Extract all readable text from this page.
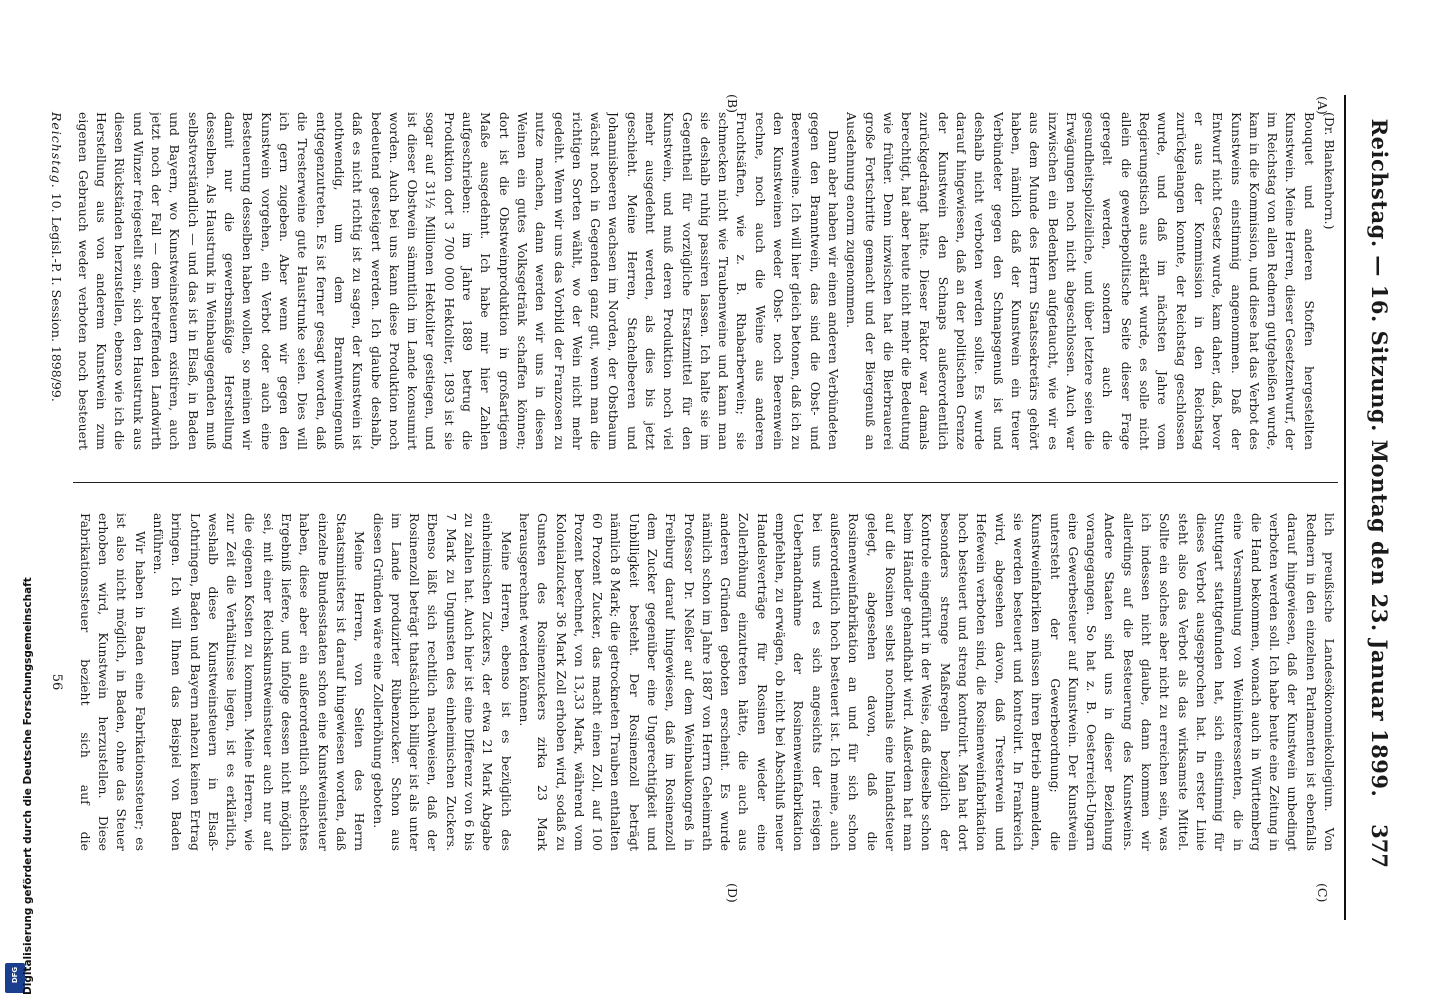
DFG Digitalisierung gefördert durch die Deutsche Forschungsgemeinschaft	Reichstag. — 16. Sitzung. Montag den 23. Januar 1899.
377
(A)
(B)
(C)
(D)
(Dr. Blankenhorn.)

Bouquet und anderen Stoffen hergestellten Kunstwein. Meine Herren, dieser Gesetzentwurf, der im Reichstag von allen Rednern gutgeheißen wurde, kam in die Kommission, und diese hat das Verbot des Kunstweins einstimmig angenommen. Daß der Entwurf nicht Gesetz wurde, kam daher, daß, bevor er aus der Kommission in den Reichstag zurückgelangen konnte, der Reichstag geschlossen wurde, und daß im nächsten Jahre vom Regierungstisch aus erklärt wurde, es solle nicht allein die gewerbepolitische Seite dieser Frage geregelt werden, sondern auch die gesundheitspolizeiliche, und über letztere seien die Erwägungen noch nicht abgeschlossen. Auch war inzwischen ein Bedenken aufgetaucht, wie wir es aus dem Munde des Herrn Staatssekretärs gehört haben, nämlich daß der Kunstwein ein treuer Verbündeter gegen den Schnapsgenuß ist und deshalb nicht verboten werden sollte. Es wurde darauf hingewiesen, daß an der politischen Grenze der Kunstwein den Schnaps außerordentlich zurückgedrängt hätte. Dieser Faktor war damals berechtigt, hat aber heute nicht mehr die Bedeutung wie früher. Denn inzwischen hat die Bierbrauerei große Fortschritte gemacht und der Biergenuß an Ausdehnung enorm zugenommen.

Dann aber haben wir einen anderen Verbündeten gegen den Branntwein, das sind die Obst- und Beerenweine. Ich will hier gleich betonen, daß ich zu den Kunstweinen weder Obst- noch Beerenwein rechne, noch auch die Weine aus anderen Fruchtsäften, wie z. B. Rhabarberwein; sie schmecken nicht wie Traubenweine und kann man sie deshalb ruhig passiren lassen. Ich halte sie im Gegentheil für vorzügliche Ersatzmittel für den Kunstwein, und muß deren Produktion noch viel mehr ausgedehnt werden, als dies bis jetzt geschieht. Meine Herren, Stachelbeeren und Johannisbeeren wachsen im Norden, der Obstbaum wächst noch in Gegenden ganz gut, wenn man die richtigen Sorten wählt, wo der Wein nicht mehr gedeiht. Wenn wir uns das Vorbild der Franzosen zu nutze machen, dann werden wir uns in diesen Weinen ein gutes Volksgetränk schaffen können; dort ist die Obstweinproduktion in großartigem Maße ausgedehnt. Ich habe mir hier Zahlen aufgeschrieben: im Jahre 1889 betrug die Produktion dort 3 700 000 Hektoliter, 1893 ist sie sogar auf 31½ Millionen Hektoliter gestiegen, und ist dieser Obstwein sämmtlich im Lande konsumirt worden. Auch bei uns kann diese Produktion noch bedeutend gesteigert werden. Ich glaube deshalb, daß es nicht richtig ist zu sagen, der Kunstwein ist nothwendig, um dem Branntweingenuß entgegenzutreten. Es ist ferner gesagt worden, daß die Tresterweine gute Haustrunke seien. Dies will ich gern zugeben. Aber wenn wir gegen den Kunstwein vorgehen, ein Verbot oder auch eine Besteuerung desselben haben wollen, so meinen wir damit nur die gewerbsmäßige Herstellung desselben. Als Haustrunk in Weinbaugegenden muß selbstverständlich — und das ist in Elsaß, in Baden und Bayern, wo Kunstweinsteuern existiren, auch jetzt noch der Fall — dem betreffenden Landwirth und Winzer freigestellt sein, sich den Haustrunk aus diesen Rückständen herzustellen, ebenso wie ich die Herstellung aus von anderem Kunstwein zum eigenen Gebrauch weder verboten noch besteuert

lich preußische Landesökonomiekollegium. Von Rednern in den einzelnen Parlamenten ist ebenfalls darauf hingewiesen, daß der Kunstwein unbedingt verboten werden soll. Ich habe heute eine Zeitung in die Hand bekommen, wonach auch in Württemberg eine Versammlung von Weininteressenten, die in Stuttgart stattgefunden hat, sich einstimmig für dieses Verbot ausgesprochen hat. In erster Linie steht also das Verbot als das wirksamste Mittel. Sollte ein solches aber nicht zu erreichen sein, was ich indessen nicht glaube, dann kommen wir allerdings auf die Besteuerung des Kunstweins. Andere Staaten sind uns in dieser Beziehung vorangegangen. So hat z. B. Oesterreich-Ungarn eine Gewerbesteuer auf Kunstwein. Der Kunstwein untersteht der Gewerbeordnung; die Kunstweinfabriken müssen ihren Betrieb anmelden, sie werden besteuert und kontrolirt. In Frankreich wird, abgesehen davon, daß Tresterwein und Hefewein verboten sind, die Rosinenweinfabrikation hoch besteuert und streng kontrolirt. Man hat dort besonders strenge Maßregeln bezüglich der Kontrole eingeführt in der Weise, daß dieselbe schon beim Händler gehandhabt wird. Außerdem hat man auf die Rosinen selbst nochmals eine Inlandsteuer gelegt, abgesehen davon, daß die Rosinenweinfabrikation an und für sich schon außerordentlich hoch besteuert ist. Ich meine, auch bei uns wird es sich angesichts der riesigen Ueberhandnahme der Rosinenweinfabrikation empfehlen, zu erwägen, ob nicht bei Abschluß neuer Handelsverträge für Rosinen wieder eine Zollerhöhung einzutreten hätte, die auch aus anderen Gründen geboten erscheint. Es wurde nämlich schon im Jahre 1887 von Herrn Geheimrath Professor Dr. Neßler auf dem Weinbaukongreß in Freiburg darauf hingewiesen, daß im Rosinenzoll dem Zucker gegenüber eine Ungerechtigkeit und Unbilligkeit besteht. Der Rosinenzoll beträgt nämlich 8 Mark; die getrockneten Trauben enthalten 60 Prozent Zucker, das macht einen Zoll, auf 100 Prozent berechnet, von 13,33 Mark, während vom Kolonialzucker 36 Mark Zoll erhoben wird, sodaß zu Gunsten des Rosinenzuckers zirka 23 Mark herausgerechnet werden können.

Meine Herren, ebenso ist es bezüglich des einheimischen Zuckers, der etwa 21 Mark Abgabe zu zahlen hat. Auch hier ist eine Differenz von 6 bis 7 Mark zu Ungunsten des einheimischen Zuckers. Ebenso läßt sich rechtlich nachweisen, daß der Rosinenzoll beträgt thatsächlich billiger ist als unter im Lande produzirter Rübenzucker. Schon aus diesen Gründen wäre eine Zollerhöhung geboten.

Meine Herren, von Seiten des Herrn Staatsministers ist darauf hingewiesen worden, daß einzelne Bundesstaaten schon eine Kunstweinsteuer haben, diese aber ein außerordentlich schlechtes Ergebniß liefere, und infolge dessen nicht möglich sei, mit einer Reichskunstweinsteuer auch nur auf die eigenen Kosten zu kommen. Meine Herren, wie zur Zeit die Verhältnisse liegen, ist es erklärlich, weshalb diese Kunstweinsteuern in Elsaß-Lothringen, Baden und Bayern nahezu keinen Ertrag bringen. Ich will Ihnen das Beispiel von Baden anführen.

Wir haben in Baden eine Fabrikationssteuer; es ist also nicht möglich, in Baden, ohne das Steuer erhoben wird, Kunstwein herzustellen. Diese Fabrikationssteuer bezieht sich auf die

Reichstag. 10. Legisl.-P. I. Session. 1898/99.
56
